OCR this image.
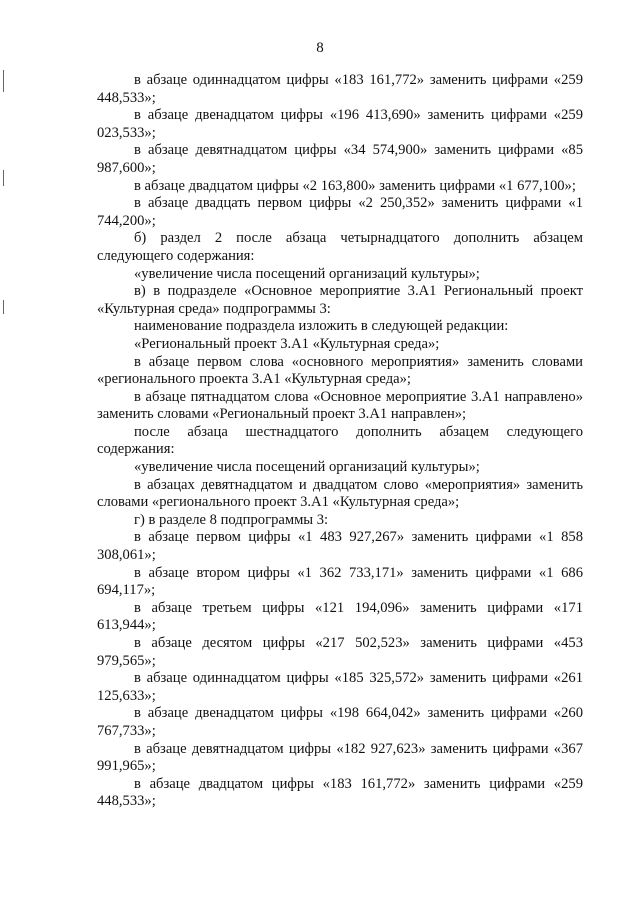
8

в абзаце одиннадцатом цифры «183 161,772» заменить цифрами «259 448,533»;

в абзаце двенадцатом цифры «196 413,690» заменить цифрами «259 023,533»;

в абзаце девятнадцатом цифры «34 574,900» заменить цифрами «85 987,600»;

в абзаце двадцатом цифры «2 163,800» заменить цифрами «1 677,100»;

в абзаце двадцать первом цифры «2 250,352» заменить цифрами «1 744,200»;

б) раздел 2 после абзаца четырнадцатого дополнить абзацем следующего содержания:

«увеличение числа посещений организаций культуры»;

в) в подразделе «Основное мероприятие 3.А1 Региональный проект «Культурная среда» подпрограммы 3:

наименование подраздела изложить в следующей редакции:

«Региональный проект 3.А1 «Культурная среда»;

в абзаце первом слова «основного мероприятия» заменить словами «регионального проекта 3.А1 «Культурная среда»;

в абзаце пятнадцатом слова «Основное мероприятие 3.А1 направлено» заменить словами «Региональный проект 3.А1 направлен»;

после абзаца шестнадцатого дополнить абзацем следующего содержания:

«увеличение числа посещений организаций культуры»;

в абзацах девятнадцатом и двадцатом слово «мероприятия» заменить словами «регионального проект 3.А1 «Культурная среда»;

г) в разделе 8 подпрограммы 3:

в абзаце первом цифры «1 483 927,267» заменить цифрами «1 858 308,061»;

в абзаце втором цифры «1 362 733,171» заменить цифрами «1 686 694,117»;

в абзаце третьем цифры «121 194,096» заменить цифрами «171 613,944»;

в абзаце десятом цифры «217 502,523» заменить цифрами «453 979,565»;

в абзаце одиннадцатом цифры «185 325,572» заменить цифрами «261 125,633»;

в абзаце двенадцатом цифры «198 664,042» заменить цифрами «260 767,733»;

в абзаце девятнадцатом цифры «182 927,623» заменить цифрами «367 991,965»;

в абзаце двадцатом цифры «183 161,772» заменить цифрами «259 448,533»;
